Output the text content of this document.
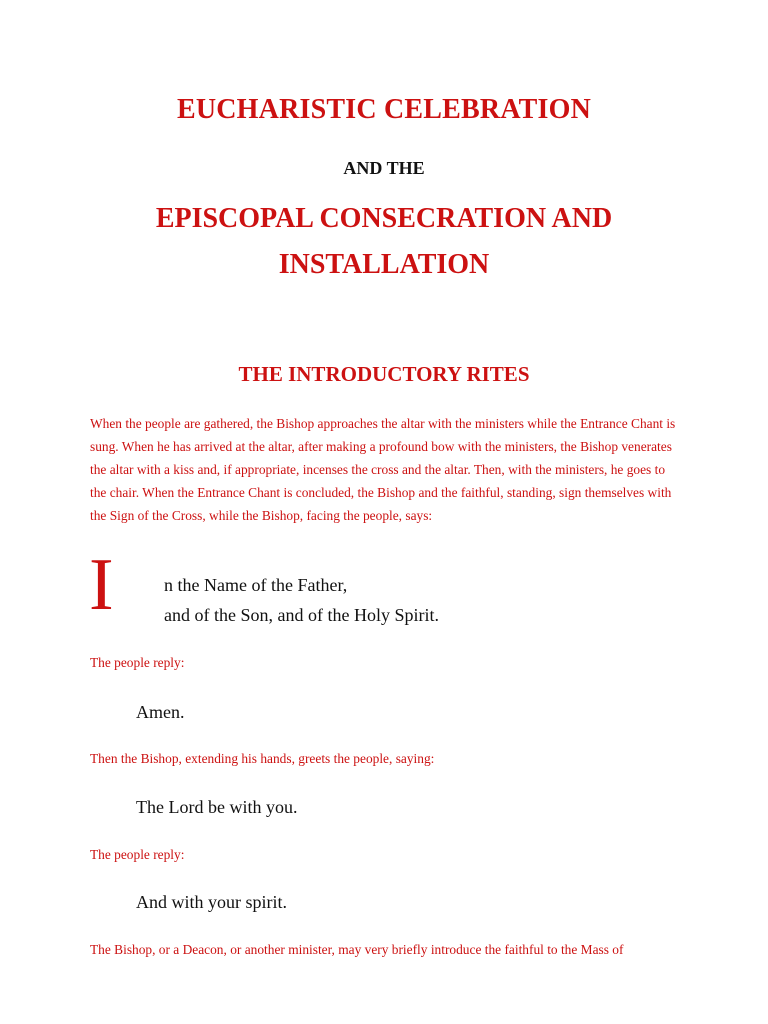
EUCHARISTIC CELEBRATION
AND THE
EPISCOPAL CONSECRATION AND
INSTALLATION
THE INTRODUCTORY RITES
When the people are gathered, the Bishop approaches the altar with the ministers while the Entrance Chant is sung. When he has arrived at the altar, after making a profound bow with the ministers, the Bishop venerates the altar with a kiss and, if appropriate, incenses the cross and the altar. Then, with the ministers, he goes to the chair. When the Entrance Chant is concluded, the Bishop and the faithful, standing, sign themselves with the Sign of the Cross, while the Bishop, facing the people, says:
I	n the Name of the Father,
and of the Son, and of the Holy Spirit.
The people reply:
Amen.
Then the Bishop, extending his hands, greets the people, saying:
The Lord be with you.
The people reply:
And with your spirit.
The Bishop, or a Deacon, or another minister, may very briefly introduce the faithful to the Mass of
